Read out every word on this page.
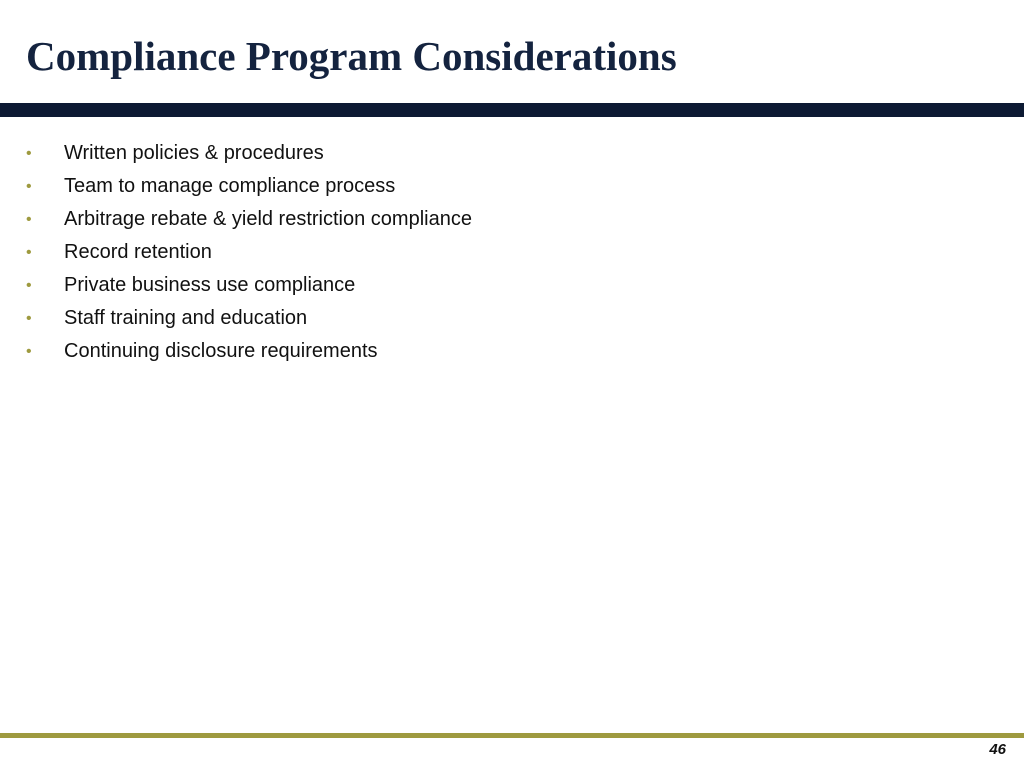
Compliance Program Considerations
• Written policies & procedures
• Team to manage compliance process
• Arbitrage rebate & yield restriction compliance
• Record retention
• Private business use compliance
• Staff training and education
• Continuing disclosure requirements
46
